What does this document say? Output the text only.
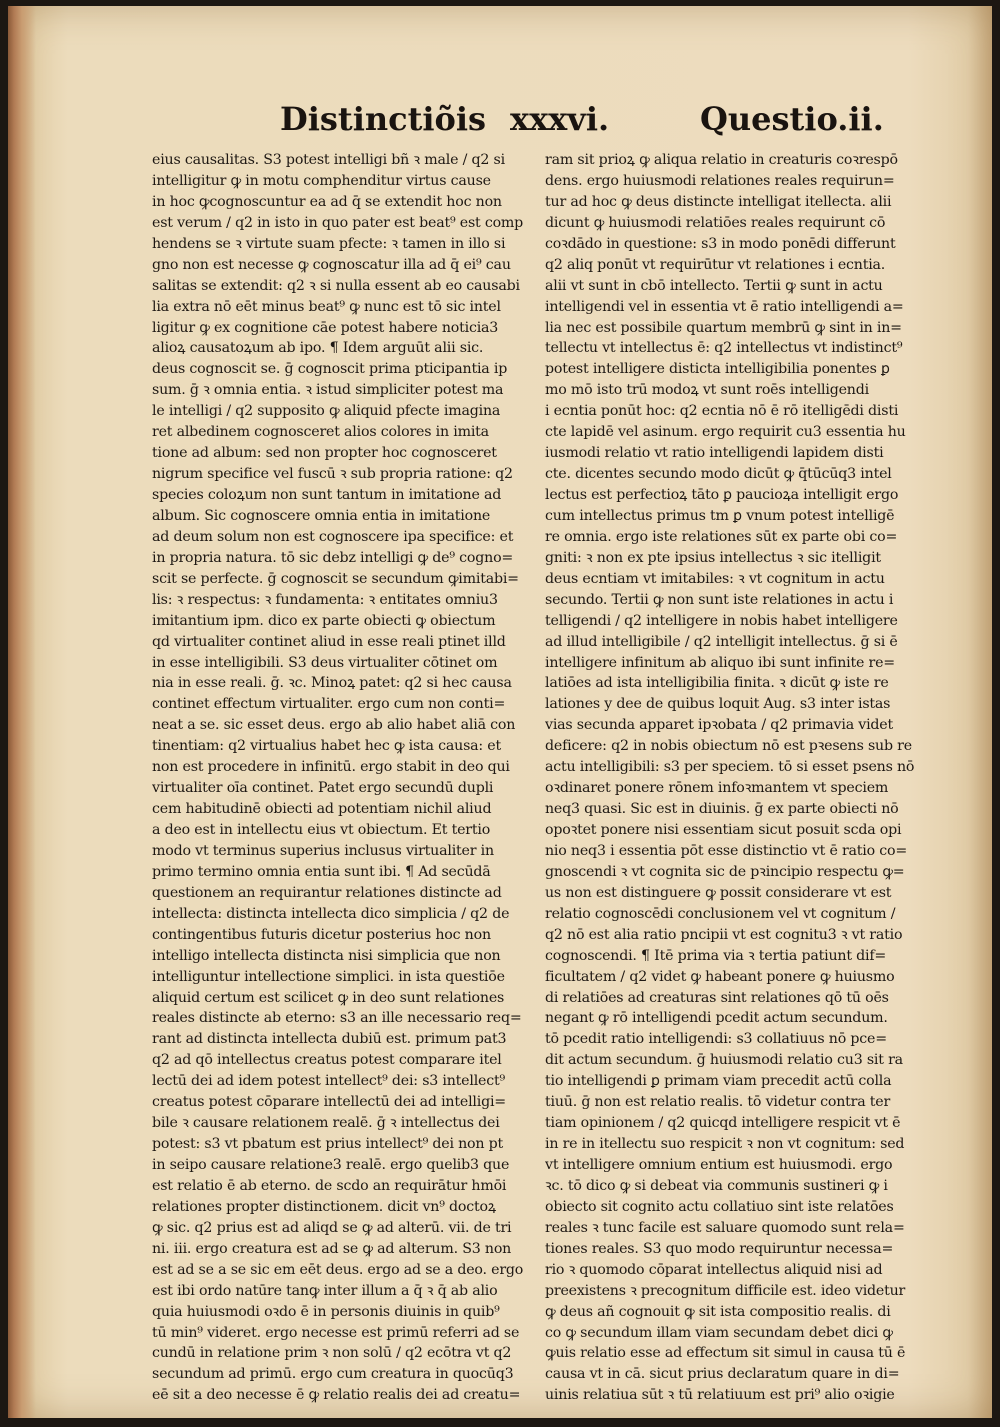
Distinctiõis xxxvi.	Questio.ii.
eius causalitas. S3 potest intelligi bñ ꝛ male / q2 si
intelligitur ꝙ in motu comphenditur virtus cause
in hoc ꝙcognoscuntur ea ad q̄ se extendit hoc non
est verum / q2 in isto in quo pater est beat⁹ est comp
hendens se ꝛ virtute suam pfecte: ꝛ tamen in illo si
gno non est necesse ꝙ cognoscatur illa ad q̄ ei⁹ cau
salitas se extendit: q2 ꝛ si nulla essent ab eo causabi
lia extra nō eēt minus beat⁹ ꝙ nunc est tō sic intel
ligitur ꝙ ex cognitione cāe potest habere noticia3
alioꝝ causatoꝝum ab ipo. ¶ Idem arguūt alii sic.
deus cognoscit se. ḡ cognoscit prima pticipantia ip
sum. ḡ ꝛ omnia entia. ꝛ istud simpliciter potest ma
le intelligi / q2 supposito ꝙ aliquid pfecte imagina
ret albedinem cognosceret alios colores in imita
tione ad album: sed non propter hoc cognosceret
nigrum specifice vel fuscū ꝛ sub propria ratione: q2
species coloꝝum non sunt tantum in imitatione ad
album. Sic cognoscere omnia entia in imitatione
ad deum solum non est cognoscere ipa specifice: et
in propria natura. tō sic debz intelligi ꝙ de⁹ cogno=
scit se perfecte. ḡ cognoscit se secundum ꝙimitabi=
lis: ꝛ respectus: ꝛ fundamenta: ꝛ entitates omniu3
imitantium ipm. dico ex parte obiecti ꝙ obiectum
qd virtualiter continet aliud in esse reali ptinet illd
in esse intelligibili. S3 deus virtualiter cōtinet om
nia in esse reali. ḡ. ꝛc. Minoꝝ patet: q2 si hec causa
continet effectum virtualiter. ergo cum non conti=
neat a se. sic esset deus. ergo ab alio habet aliā con
tinentiam: q2 virtualius habet hec ꝙ ista causa: et
non est procedere in infinitū. ergo stabit in deo qui
virtualiter oīa continet. Patet ergo secundū dupli
cem habitudinē obiecti ad potentiam nichil aliud
a deo est in intellectu eius vt obiectum. Et tertio
modo vt terminus superius inclusus virtualiter in
primo termino omnia entia sunt ibi. ¶ Ad secūdā
questionem an requirantur relationes distincte ad
intellecta: distincta intellecta dico simplicia / q2 de
contingentibus futuris dicetur posterius hoc non
intelligo intellecta distincta nisi simplicia que non
intelliguntur intellectione simplici. in ista questiōe
aliquid certum est scilicet ꝙ in deo sunt relationes
reales distincte ab eterno: s3 an ille necessario req=
rant ad distincta intellecta dubiū est. primum pat3
q2 ad qō intellectus creatus potest comparare itel
lectū dei ad idem potest intellect⁹ dei: s3 intellect⁹
creatus potest cōparare intellectū dei ad intelligi=
bile ꝛ causare relationem realē. ḡ ꝛ intellectus dei
potest: s3 vt pbatum est prius intellect⁹ dei non pt
in seipo causare relatione3 realē. ergo quelib3 que
est relatio ē ab eterno. de scdo an requirātur hmōi
relationes propter distinctionem. dicit vn⁹ doctoꝝ
ꝙ sic. q2 prius est ad aliqd se ꝙ ad alterū. vii. de tri
ni. iii. ergo creatura est ad se ꝙ ad alterum. S3 non
est ad se a se sic em eēt deus. ergo ad se a deo. ergo
est ibi ordo natūre tanꝙ inter illum a q̄ ꝛ q̄ ab alio
quia huiusmodi oꝛdo ē in personis diuinis in quib⁹
tū min⁹ videret. ergo necesse est primū referri ad se
cundū in relatione prim ꝛ non solū / q2 ecōtra vt q2
secundum ad primū. ergo cum creatura in quocūq3
eē sit a deo necesse ē ꝙ relatio realis dei ad creatu=
ram sit prioꝝ ꝙ aliqua relatio in creaturis coꝛrespō
dens. ergo huiusmodi relationes reales requirun=
tur ad hoc ꝙ deus distincte intelligat itellecta. alii
dicunt ꝙ huiusmodi relatiōes reales requirunt cō
coꝛdādo in questione: s3 in modo ponēdi differunt
q2 aliq ponūt vt requirūtur vt relationes i ecntia.
alii vt sunt in cbō intellecto. Tertii ꝙ sunt in actu
intelligendi vel in essentia vt ē ratio intelligendi a=
lia nec est possibile quartum membrū ꝙ sint in in=
tellectu vt intellectus ē: q2 intellectus vt indistinct⁹
potest intelligere disticta intelligibilia ponentes ꝑ
mo mō isto trū modoꝝ vt sunt roēs intelligendi
i ecntia ponūt hoc: q2 ecntia nō ē rō itelligēdi disti
cte lapidē vel asinum. ergo requirit cu3 essentia hu
iusmodi relatio vt ratio intelligendi lapidem disti
cte. dicentes secundo modo dicūt ꝙ q̄tūcūq3 intel
lectus est perfectioꝝ tāto ꝑ paucioꝝa intelligit ergo
cum intellectus primus tm ꝑ vnum potest intelligē
re omnia. ergo iste relationes sūt ex parte obi co=
gniti: ꝛ non ex pte ipsius intellectus ꝛ sic itelligit
deus ecntiam vt imitabiles: ꝛ vt cognitum in actu
secundo. Tertii ꝙ non sunt iste relationes in actu i
telligendi / q2 intelligere in nobis habet intelligere
ad illud intelligibile / q2 intelligit intellectus. ḡ si ē
intelligere infinitum ab aliquo ibi sunt infinite re=
latiōes ad ista intelligibilia finita. ꝛ dicūt ꝙ iste re
lationes y dee de quibus loquit Aug. s3 inter istas
vias secunda apparet ipꝛobata / q2 primavia videt
deficere: q2 in nobis obiectum nō est pꝛesens sub re
actu intelligibili: s3 per speciem. tō si esset psens nō
oꝛdinaret ponere rōnem infoꝛmantem vt speciem
neq3 quasi. Sic est in diuinis. ḡ ex parte obiecti nō
opoꝛtet ponere nisi essentiam sicut posuit scda opi
nio neq3 i essentia pōt esse distinctio vt ē ratio co=
gnoscendi ꝛ vt cognita sic de pꝛincipio respectu ꝙ=
us non est distinguere ꝙ possit considerare vt est
relatio cognoscēdi conclusionem vel vt cognitum /
q2 nō est alia ratio pncipii vt est cognitu3 ꝛ vt ratio
cognoscendi. ¶ Itē prima via ꝛ tertia patiunt dif=
ficultatem / q2 videt ꝙ habeant ponere ꝙ huiusmo
di relatiōes ad creaturas sint relationes qō tū oēs
negant ꝙ rō intelligendi pcedit actum secundum.
tō pcedit ratio intelligendi: s3 collatiuus nō pce=
dit actum secundum. ḡ huiusmodi relatio cu3 sit ra
tio intelligendi ꝑ primam viam precedit actū colla
tiuū. ḡ non est relatio realis. tō videtur contra ter
tiam opinionem / q2 quicqd intelligere respicit vt ē
in re in itellectu suo respicit ꝛ non vt cognitum: sed
vt intelligere omnium entium est huiusmodi. ergo
ꝛc. tō dico ꝙ si debeat via communis sustineri ꝙ i
obiecto sit cognito actu collatiuo sint iste relatōes
reales ꝛ tunc facile est saluare quomodo sunt rela=
tiones reales. S3 quo modo requiruntur necessa=
rio ꝛ quomodo cōparat intellectus aliquid nisi ad
preexistens ꝛ precognitum difficile est. ideo videtur
ꝙ deus añ cognouit ꝙ sit ista compositio realis. di
co ꝙ secundum illam viam secundam debet dici ꝙ
ꝙuis relatio esse ad effectum sit simul in causa tū ē
causa vt in cā. sicut prius declaratum quare in di=
uinis relatiua sūt ꝛ tū relatiuum est pri⁹ alio oꝛigie
